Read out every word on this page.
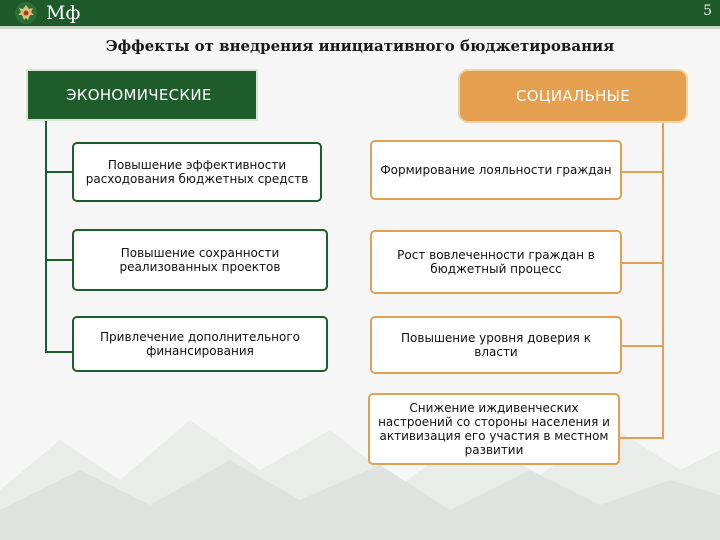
Мф	5
Эффекты от внедрения инициативного бюджетирования
ЭКОНОМИЧЕСКИЕ	СОЦИАЛЬНЫЕ
Повышение эффективности расходования бюджетных средств
Повышение сохранности реализованных проектов
Привлечение дополнительного финансирования
Формирование лояльности граждан
Рост вовлеченности граждан в бюджетный процесс
Повышение уровня доверия к власти
Снижение иждивенческих настроений со стороны населения и активизация его участия в местном развитии
